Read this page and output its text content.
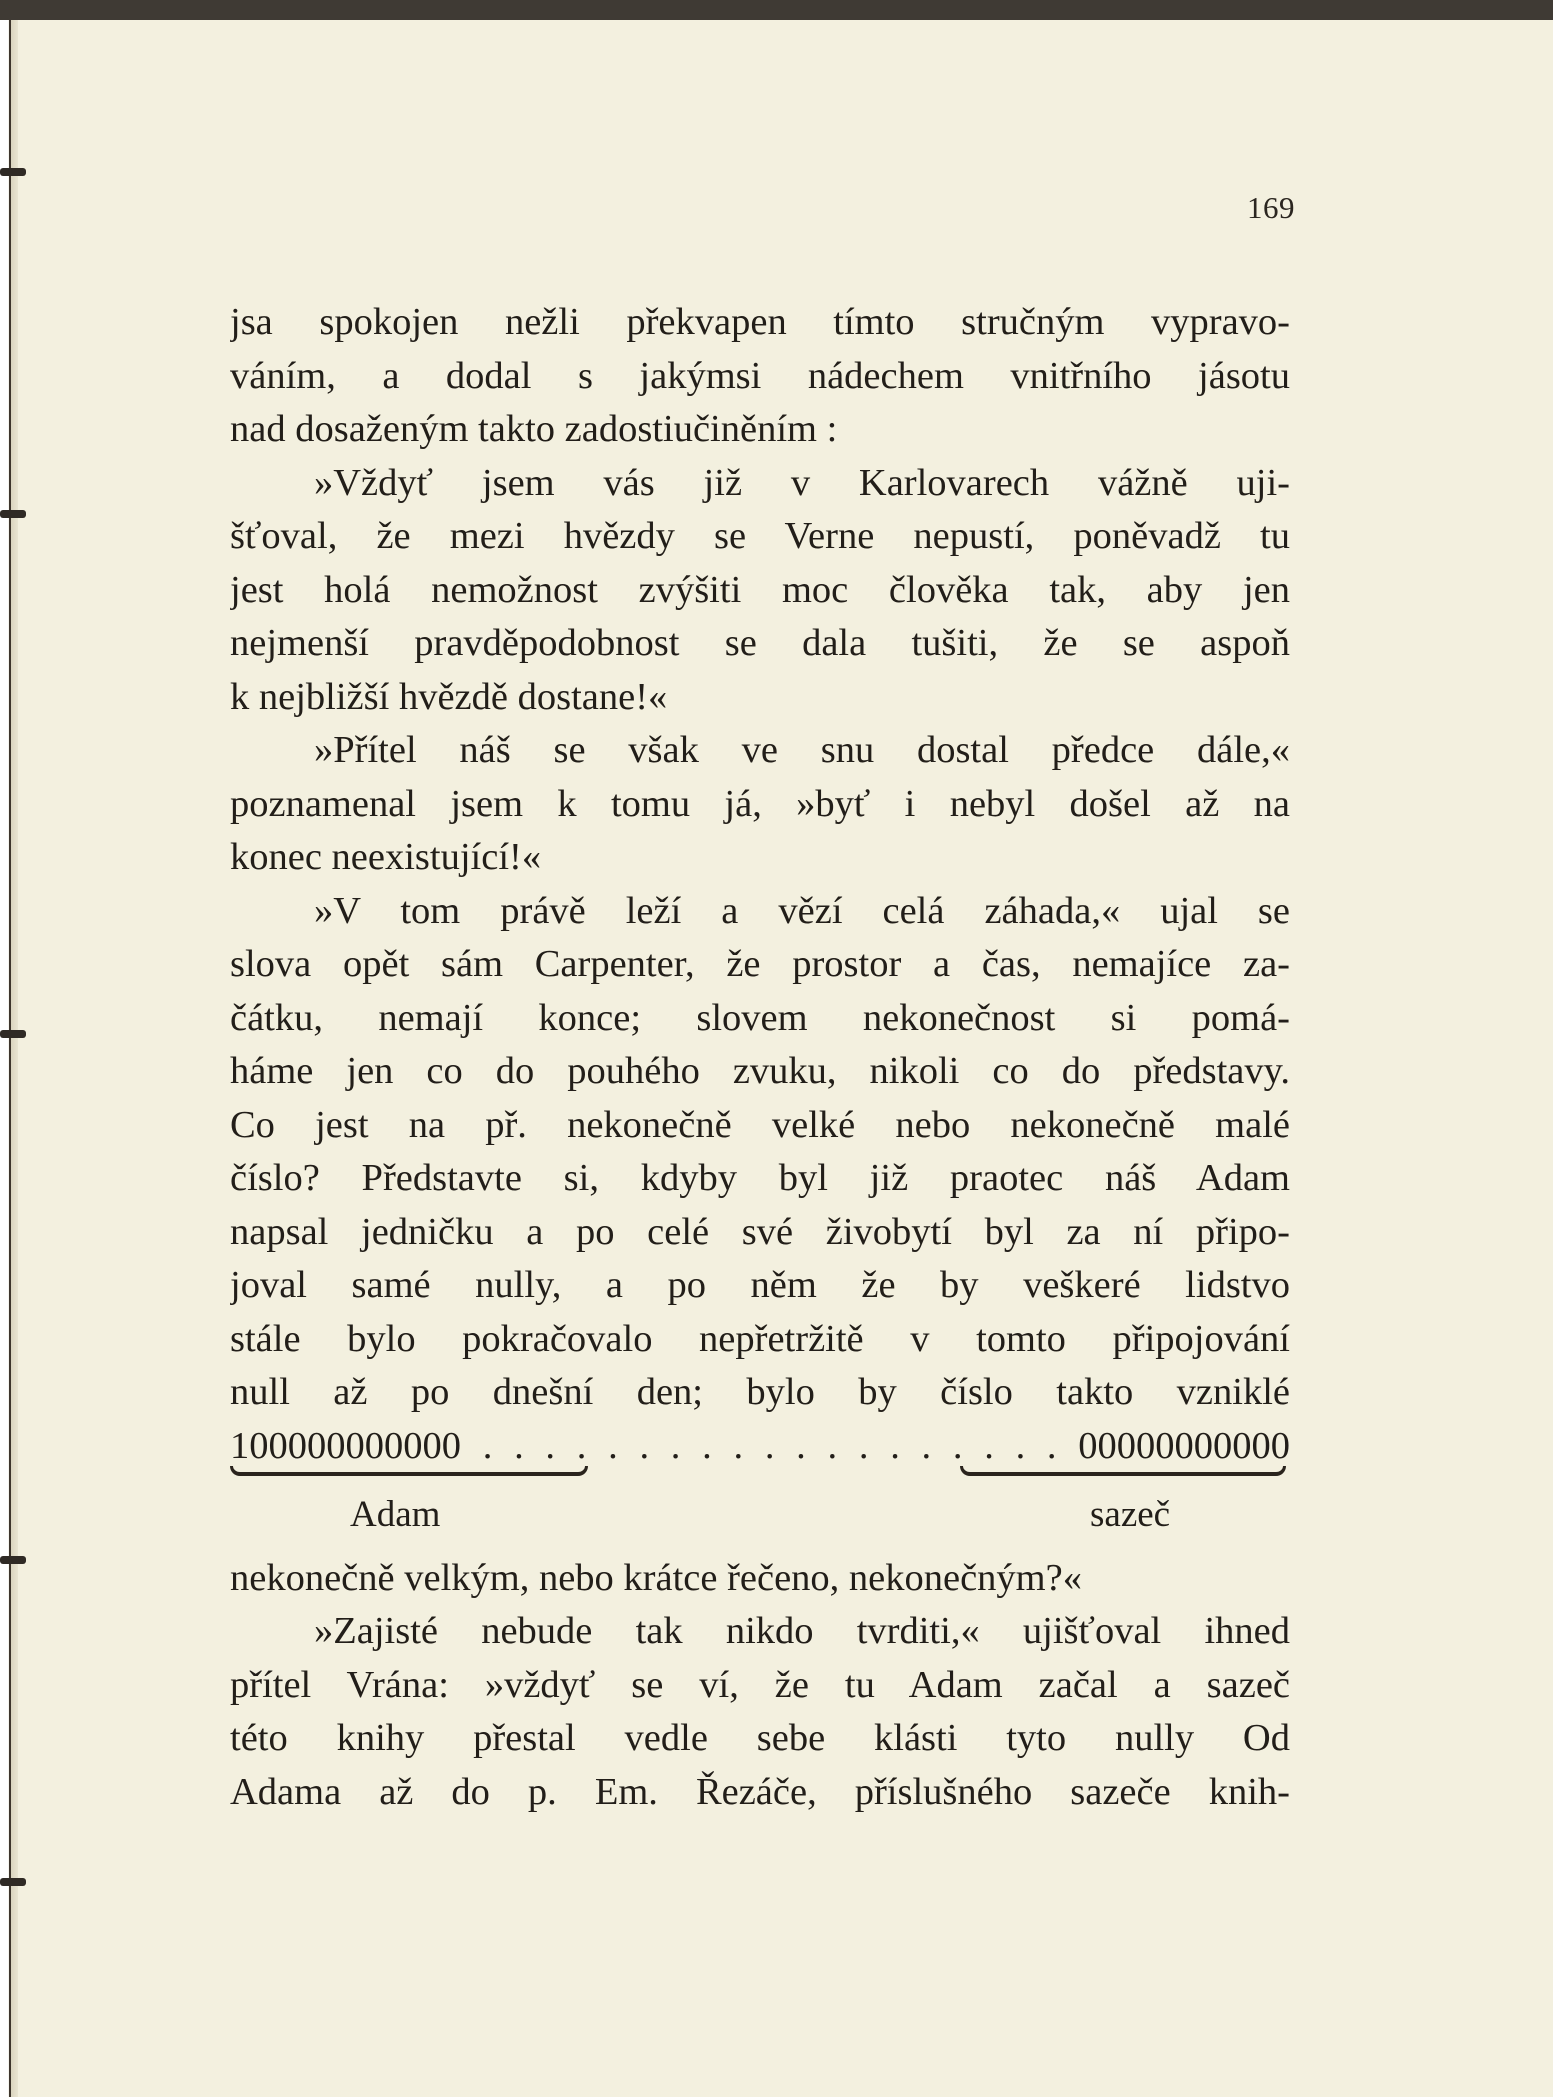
169
jsa spokojen nežli překvapen tímto stručným vypravo-
váním, a dodal s jakýmsi nádechem vnitřního jásotu
nad dosaženým takto zadostiučiněním :
»Vždyť jsem vás již v Karlovarech vážně uji-
šťoval, že mezi hvězdy se Verne nepustí, poněvadž tu
jest holá nemožnost zvýšiti moc člověka tak, aby jen
nejmenší pravděpodobnost se dala tušiti, že se aspoň
k nejbližší hvězdě dostane!«
»Přítel náš se však ve snu dostal předce dále,«
poznamenal jsem k tomu já, »byť i nebyl došel až na
konec neexistující!«
»V tom právě leží a vězí celá záhada,« ujal se
slova opět sám Carpenter, že prostor a čas, nemajíce za-
čátku, nemají konce; slovem nekonečnost si pomá-
háme jen co do pouhého zvuku, nikoli co do představy.
Co jest na př. nekonečně velké nebo nekonečně malé
číslo? Představte si, kdyby byl již praotec náš Adam
napsal jedničku a po celé své živobytí byl za ní připo-
joval samé nully, a po něm že by veškeré lidstvo
stále bylo pokračovalo nepřetržitě v tomto připojování
null až po dnešní den; bylo by číslo takto vzniklé
100000000000 . . . . . . . . . . . . . . . . . . . 00000000000
Adam	sazeč
nekonečně velkým, nebo krátce řečeno, nekonečným?«
»Zajisté nebude tak nikdo tvrditi,« ujišťoval ihned
přítel Vrána: »vždyť se ví, že tu Adam začal a sazeč
této knihy přestal vedle sebe klásti tyto nully Od
Adama až do p. Em. Řezáče, příslušného sazeče knih-
